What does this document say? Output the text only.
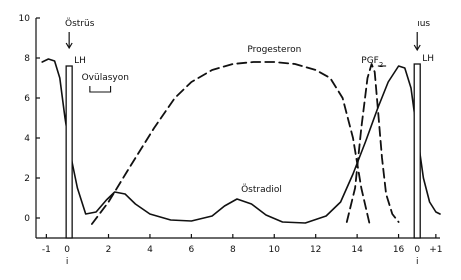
0
2
4
6
8
10
-1 0	2	4	6	8	10	12	14	16 0 +1
i	i
LH	LH
Östrüs
Ovülasyon
Progesteron
Östradiol
$PGF_2$
ıus
